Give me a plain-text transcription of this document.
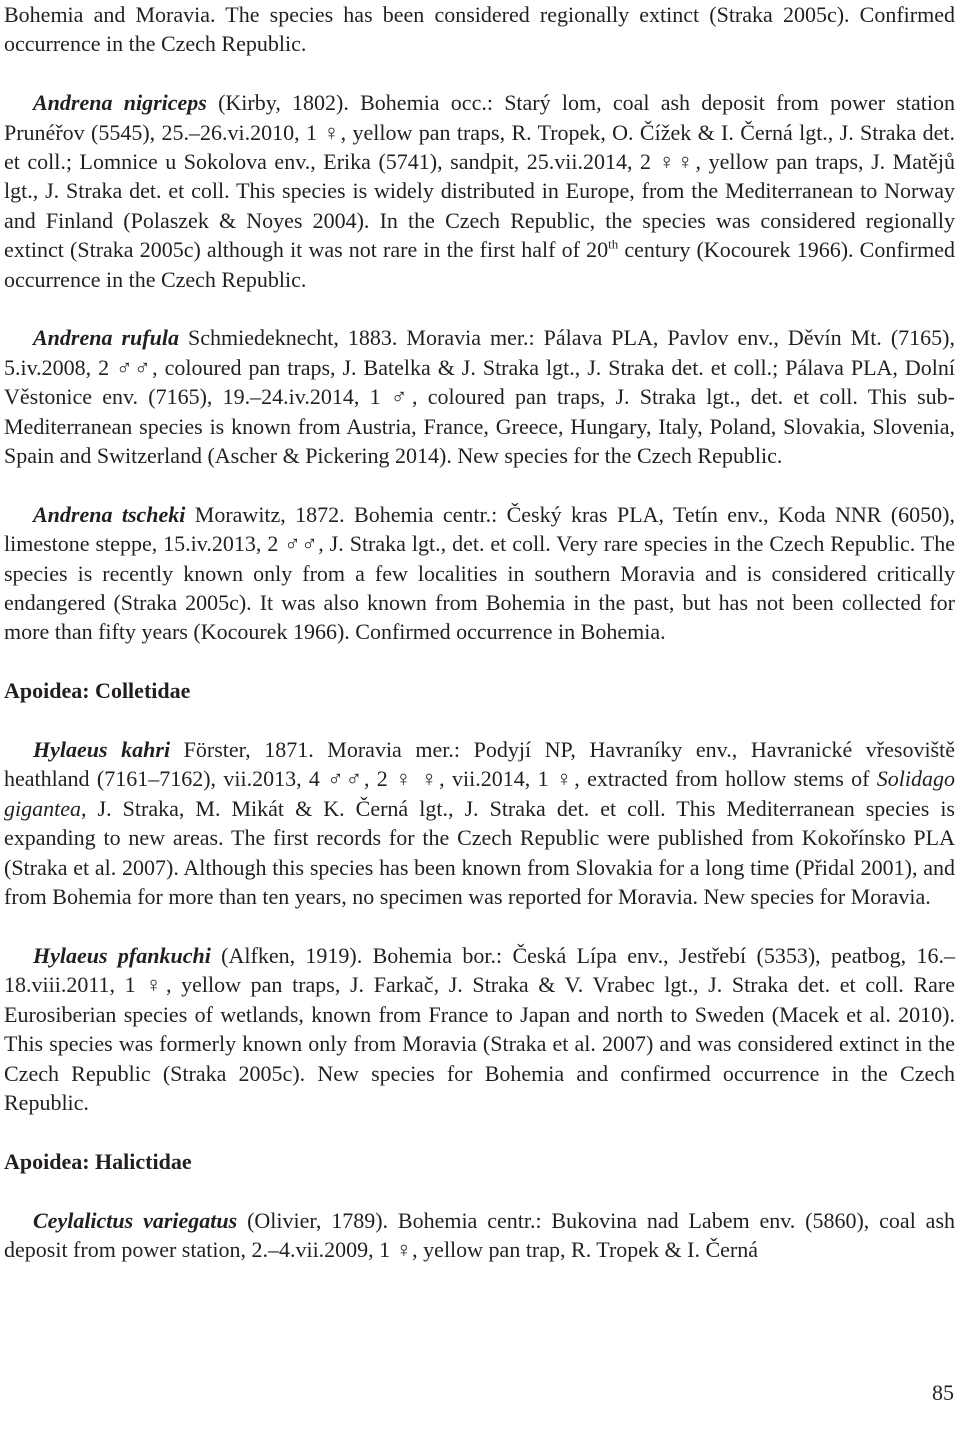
Bohemia and Moravia. The species has been considered regionally extinct (Straka 2005c). Confirmed occurrence in the Czech Republic.

Andrena nigriceps (Kirby, 1802). Bohemia occ.: Starý lom, coal ash deposit from power station Prunéřov (5545), 25.–26.vi.2010, 1 ♀, yellow pan traps, R. Tropek, O. Čížek & I. Černá lgt., J. Straka det. et coll.; Lomnice u Sokolova env., Erika (5741), sandpit, 25.vii.2014, 2 ♀♀, yellow pan traps, J. Matějů lgt., J. Straka det. et coll. This species is widely distributed in Europe, from the Mediterranean to Norway and Finland (Polaszek & Noyes 2004). In the Czech Republic, the species was considered regionally extinct (Straka 2005c) although it was not rare in the first half of 20th century (Kocourek 1966). Confirmed occurrence in the Czech Republic.

Andrena rufula Schmiedeknecht, 1883. Moravia mer.: Pálava PLA, Pavlov env., Děvín Mt. (7165), 5.iv.2008, 2 ♂♂, coloured pan traps, J. Batelka & J. Straka lgt., J. Straka det. et coll.; Pálava PLA, Dolní Věstonice env. (7165), 19.–24.iv.2014, 1 ♂, coloured pan traps, J. Straka lgt., det. et coll. This sub-Mediterranean species is known from Austria, France, Greece, Hungary, Italy, Poland, Slovakia, Slovenia, Spain and Switzerland (Ascher & Pickering 2014). New species for the Czech Republic.

Andrena tscheki Morawitz, 1872. Bohemia centr.: Český kras PLA, Tetín env., Koda NNR (6050), limestone steppe, 15.iv.2013, 2 ♂♂, J. Straka lgt., det. et coll. Very rare species in the Czech Republic. The species is recently known only from a few localities in southern Moravia and is considered critically endangered (Straka 2005c). It was also known from Bohemia in the past, but has not been collected for more than fifty years (Kocourek 1966). Confirmed occurrence in Bohemia.

Apoidea: Colletidae

Hylaeus kahri Förster, 1871. Moravia mer.: Podyjí NP, Havraníky env., Havranické vřesoviště heathland (7161–7162), vii.2013, 4 ♂♂, 2 ♀ ♀, vii.2014, 1 ♀, extracted from hollow stems of Solidago gigantea, J. Straka, M. Mikát & K. Černá lgt., J. Straka det. et coll. This Mediterranean species is expanding to new areas. The first records for the Czech Republic were published from Kokořínsko PLA (Straka et al. 2007). Although this species has been known from Slovakia for a long time (Přidal 2001), and from Bohemia for more than ten years, no specimen was reported for Moravia. New species for Moravia.

Hylaeus pfankuchi (Alfken, 1919). Bohemia bor.: Česká Lípa env., Jestřebí (5353), peatbog, 16.–18.viii.2011, 1 ♀, yellow pan traps, J. Farkač, J. Straka & V. Vrabec lgt., J. Straka det. et coll. Rare Eurosiberian species of wetlands, known from France to Japan and north to Sweden (Macek et al. 2010). This species was formerly known only from Moravia (Straka et al. 2007) and was considered extinct in the Czech Republic (Straka 2005c). New species for Bohemia and confirmed occurrence in the Czech Republic.

Apoidea: Halictidae

Ceylalictus variegatus (Olivier, 1789). Bohemia centr.: Bukovina nad Labem env. (5860), coal ash deposit from power station, 2.–4.vii.2009, 1 ♀, yellow pan trap, R. Tropek & I. Černá

85
